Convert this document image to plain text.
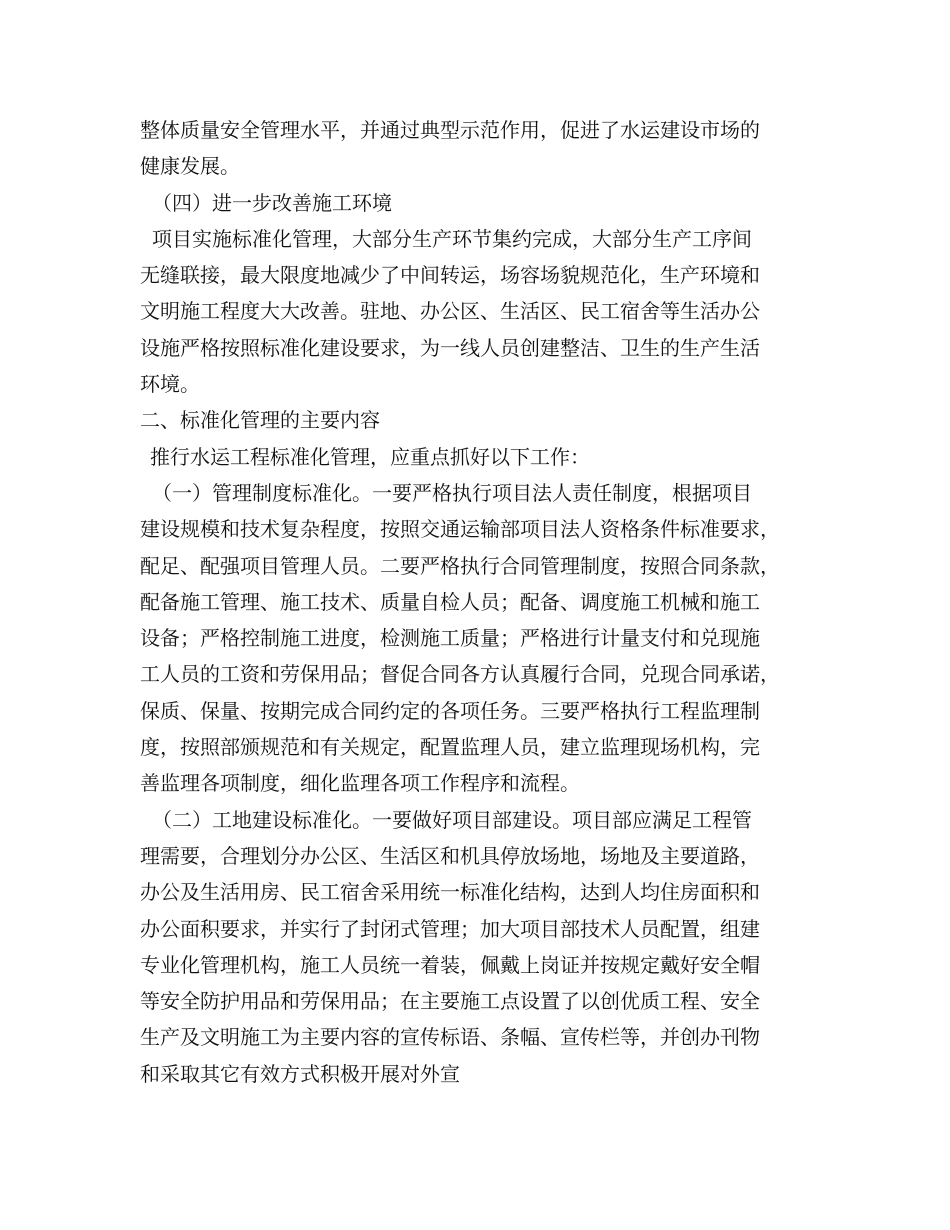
整体质量安全管理水平，并通过典型示范作用，促进了水运建设市场的
健康发展。
（四）进一步改善施工环境
项目实施标准化管理，大部分生产环节集约完成，大部分生产工序间
无缝联接，最大限度地减少了中间转运，场容场貌规范化，生产环境和
文明施工程度大大改善。驻地、办公区、生活区、民工宿舍等生活办公
设施严格按照标准化建设要求，为一线人员创建整洁、卫生的生产生活
环境。
二、标准化管理的主要内容
推行水运工程标准化管理，应重点抓好以下工作：
（一）管理制度标准化。一要严格执行项目法人责任制度，根据项目
建设规模和技术复杂程度，按照交通运输部项目法人资格条件标准要求，
配足、配强项目管理人员。二要严格执行合同管理制度，按照合同条款，
配备施工管理、施工技术、质量自检人员；配备、调度施工机械和施工
设备；严格控制施工进度，检测施工质量；严格进行计量支付和兑现施
工人员的工资和劳保用品；督促合同各方认真履行合同，兑现合同承诺，
保质、保量、按期完成合同约定的各项任务。三要严格执行工程监理制
度，按照部颁规范和有关规定，配置监理人员，建立监理现场机构，完
善监理各项制度，细化监理各项工作程序和流程。
（二）工地建设标准化。一要做好项目部建设。项目部应满足工程管
理需要，合理划分办公区、生活区和机具停放场地，场地及主要道路，
办公及生活用房、民工宿舍采用统一标准化结构，达到人均住房面积和
办公面积要求，并实行了封闭式管理；加大项目部技术人员配置，组建
专业化管理机构，施工人员统一着装，佩戴上岗证并按规定戴好安全帽
等安全防护用品和劳保用品；在主要施工点设置了以创优质工程、安全
生产及文明施工为主要内容的宣传标语、条幅、宣传栏等，并创办刊物
和采取其它有效方式积极开展对外宣
